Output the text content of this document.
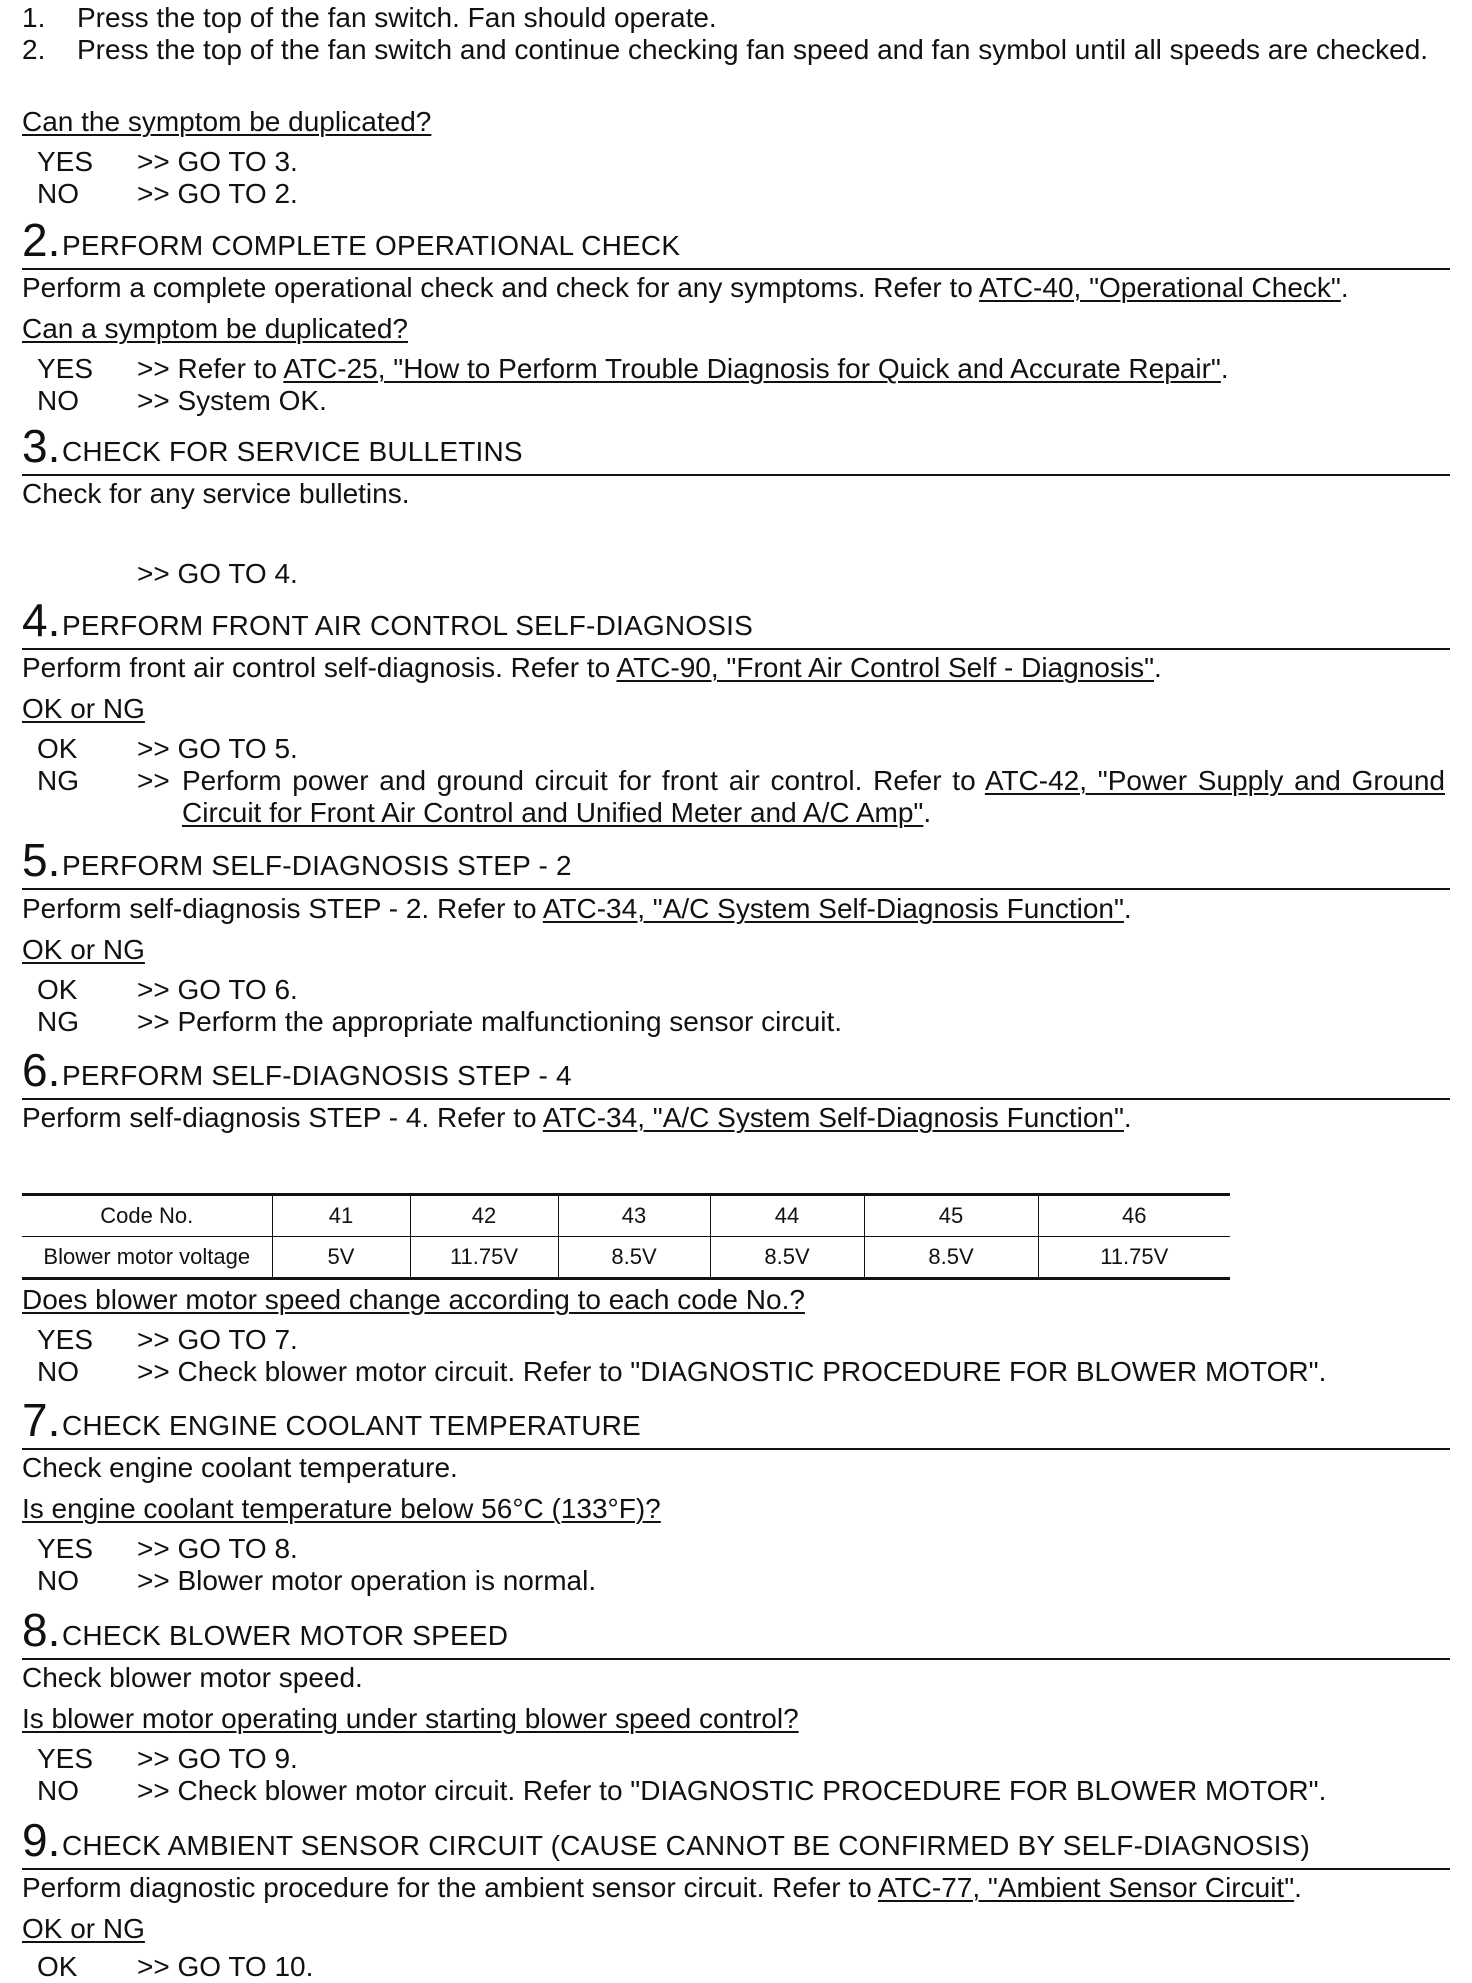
1. Press the top of the fan switch. Fan should operate.
2. Press the top of the fan switch and continue checking fan speed and fan symbol until all speeds are checked.
Can the symptom be duplicated?
YES >> GO TO 3.
NO >> GO TO 2.
2. PERFORM COMPLETE OPERATIONAL CHECK
Perform a complete operational check and check for any symptoms. Refer to ATC-40, "Operational Check".
Can a symptom be duplicated?
YES >> Refer to ATC-25, "How to Perform Trouble Diagnosis for Quick and Accurate Repair".
NO >> System OK.
3. CHECK FOR SERVICE BULLETINS
Check for any service bulletins.
>> GO TO 4.
4. PERFORM FRONT AIR CONTROL SELF-DIAGNOSIS
Perform front air control self-diagnosis. Refer to ATC-90, "Front Air Control Self - Diagnosis".
OK or NG
OK >> GO TO 5.
NG >> Perform power and ground circuit for front air control. Refer to ATC-42, "Power Supply and Ground Circuit for Front Air Control and Unified Meter and A/C Amp".
5. PERFORM SELF-DIAGNOSIS STEP - 2
Perform self-diagnosis STEP - 2. Refer to ATC-34, "A/C System Self-Diagnosis Function".
OK or NG
OK >> GO TO 6.
NG >> Perform the appropriate malfunctioning sensor circuit.
6. PERFORM SELF-DIAGNOSIS STEP - 4
Perform self-diagnosis STEP - 4. Refer to ATC-34, "A/C System Self-Diagnosis Function".
Code No.	41	42	43	44	45	46
Blower motor voltage	5V	11.75V	8.5V	8.5V	8.5V	11.75V
Does blower motor speed change according to each code No.?
YES >> GO TO 7.
NO >> Check blower motor circuit. Refer to "DIAGNOSTIC PROCEDURE FOR BLOWER MOTOR".
7. CHECK ENGINE COOLANT TEMPERATURE
Check engine coolant temperature.
Is engine coolant temperature below 56°C (133°F)?
YES >> GO TO 8.
NO >> Blower motor operation is normal.
8. CHECK BLOWER MOTOR SPEED
Check blower motor speed.
Is blower motor operating under starting blower speed control?
YES >> GO TO 9.
NO >> Check blower motor circuit. Refer to "DIAGNOSTIC PROCEDURE FOR BLOWER MOTOR".
9. CHECK AMBIENT SENSOR CIRCUIT (CAUSE CANNOT BE CONFIRMED BY SELF-DIAGNOSIS)
Perform diagnostic procedure for the ambient sensor circuit. Refer to ATC-77, "Ambient Sensor Circuit".
OK or NG
OK >> GO TO 10.
